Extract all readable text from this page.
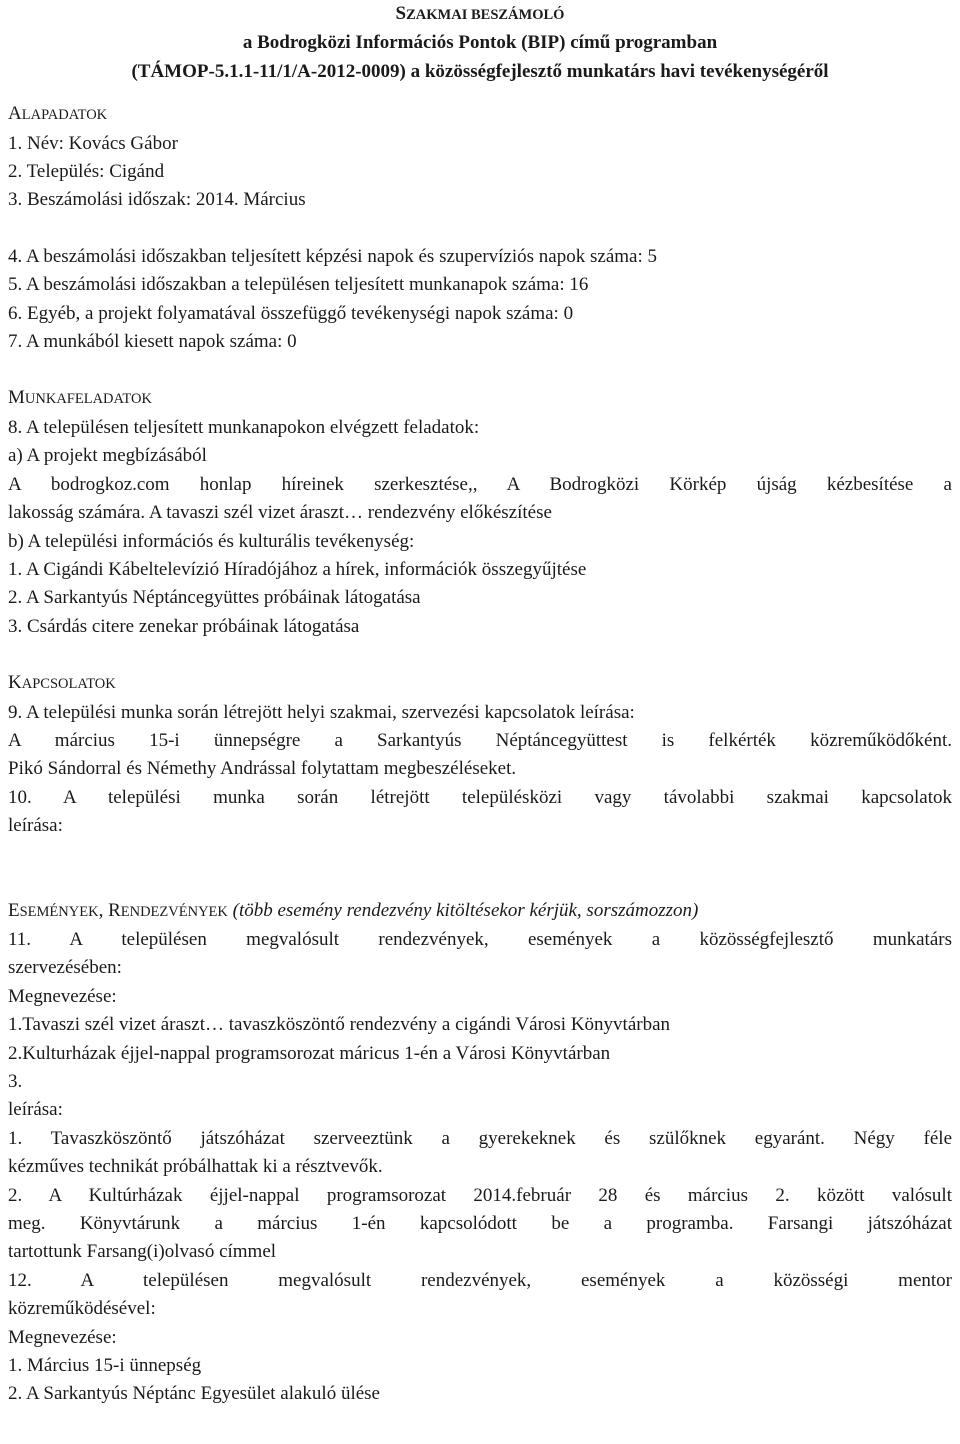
SZAKMAI BESZÁMOLÓ
a Bodrogközi Információs Pontok (BIP) című programban
(TÁMOP-5.1.1-11/1/A-2012-0009) a közösségfejlesztő munkatárs havi tevékenységéről
ALAPADATOK
1. Név: Kovács Gábor
2. Település: Cigánd
3. Beszámolási időszak: 2014. Március
4. A beszámolási időszakban teljesített képzési napok és szupervíziós napok száma: 5
5. A beszámolási időszakban a településen teljesített munkanapok száma: 16
6. Egyéb, a projekt folyamatával összefüggő tevékenységi napok száma: 0
7. A munkából kiesett napok száma: 0
MUNKAFELADATOK
8. A településen teljesített munkanapokon elvégzett feladatok:
a) A projekt megbízásából
A bodrogkoz.com honlap híreinek szerkesztése,, A Bodrogközi Körkép újság kézbesítése a
lakosság számára. A tavaszi szél vizet áraszt… rendezvény előkészítése
b) A települési információs és kulturális tevékenység:
1. A Cigándi Kábeltelevízió Híradójához a hírek, információk összegyűjtése
2. A Sarkantyús Néptáncegyüttes próbáinak látogatása
3. Csárdás citere zenekar próbáinak látogatása
KAPCSOLATOK
9. A települési munka során létrejött helyi szakmai, szervezési kapcsolatok leírása:
A március 15-i ünnepségre a Sarkantyús Néptáncegyüttest is felkérték közreműködőként.
Pikó Sándorral és Némethy Andrással folytattam megbeszéléseket.
10. A települési munka során létrejött településközi vagy távolabbi szakmai kapcsolatok
leírása:
ESEMÉNYEK, RENDEZVÉNYEK (több esemény rendezvény kitöltésekor kérjük, sorszámozzon)
11. A településen megvalósult rendezvények, események a közösségfejlesztő munkatárs
szervezésében:
Megnevezése:
1.Tavaszi szél vizet áraszt… tavaszköszöntő rendezvény a cigándi Városi Könyvtárban
2.Kulturházak éjjel-nappal programsorozat máricus 1-én a Városi Könyvtárban
3.
leírása:
1. Tavaszköszöntő játszóházat szerveeztünk a gyerekeknek és szülőknek egyaránt. Négy féle
kézműves technikát próbálhattak ki a résztvevők.
2. A Kultúrházak éjjel-nappal programsorozat 2014.február 28 és március 2. között valósult
meg. Könyvtárunk a március 1-én kapcsolódott be a programba. Farsangi játszóházat
tartottunk Farsang(i)olvasó címmel
12. A településen megvalósult rendezvények, események a közösségi mentor
közreműködésével:
Megnevezése:
1. Március 15-i ünnepség
2. A Sarkantyús Néptánc Egyesület alakuló ülése
